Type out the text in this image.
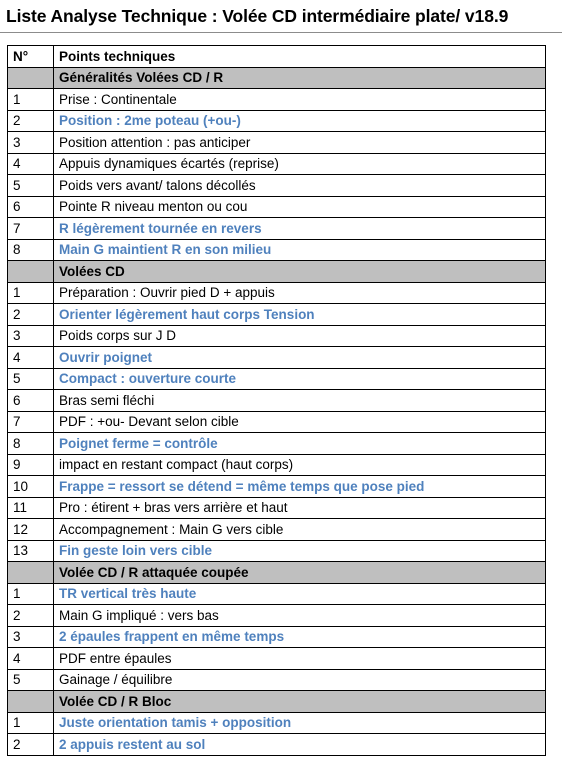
Liste Analyse Technique : Volée CD intermédiaire plate/ v18.9
N°	Points techniques
	Généralités Volées CD / R
1	Prise : Continentale
2	Position : 2me poteau (+ou-)
3	Position attention : pas anticiper
4	Appuis dynamiques écartés (reprise)
5	Poids vers avant/ talons décollés
6	Pointe R niveau menton ou cou
7	R légèrement tournée en revers
8	Main G maintient R en son milieu
	Volées CD
1	Préparation : Ouvrir pied D + appuis
2	Orienter légèrement haut corps Tension
3	Poids corps sur J D
4	Ouvrir poignet
5	Compact : ouverture courte
6	Bras semi fléchi
7	PDF : +ou- Devant selon cible
8	Poignet ferme = contrôle
9	impact en restant compact (haut corps)
10	Frappe = ressort se détend = même temps que pose pied
11	Pro : étirent + bras vers arrière et haut
12	Accompagnement : Main G vers cible
13	Fin geste loin vers cible
	Volée CD / R attaquée coupée
1	TR vertical très haute
2	Main G impliqué : vers bas
3	2 épaules frappent en même temps
4	PDF entre épaules
5	Gainage / équilibre
	Volée CD / R Bloc
1	Juste orientation tamis + opposition
2	2 appuis restent au sol
